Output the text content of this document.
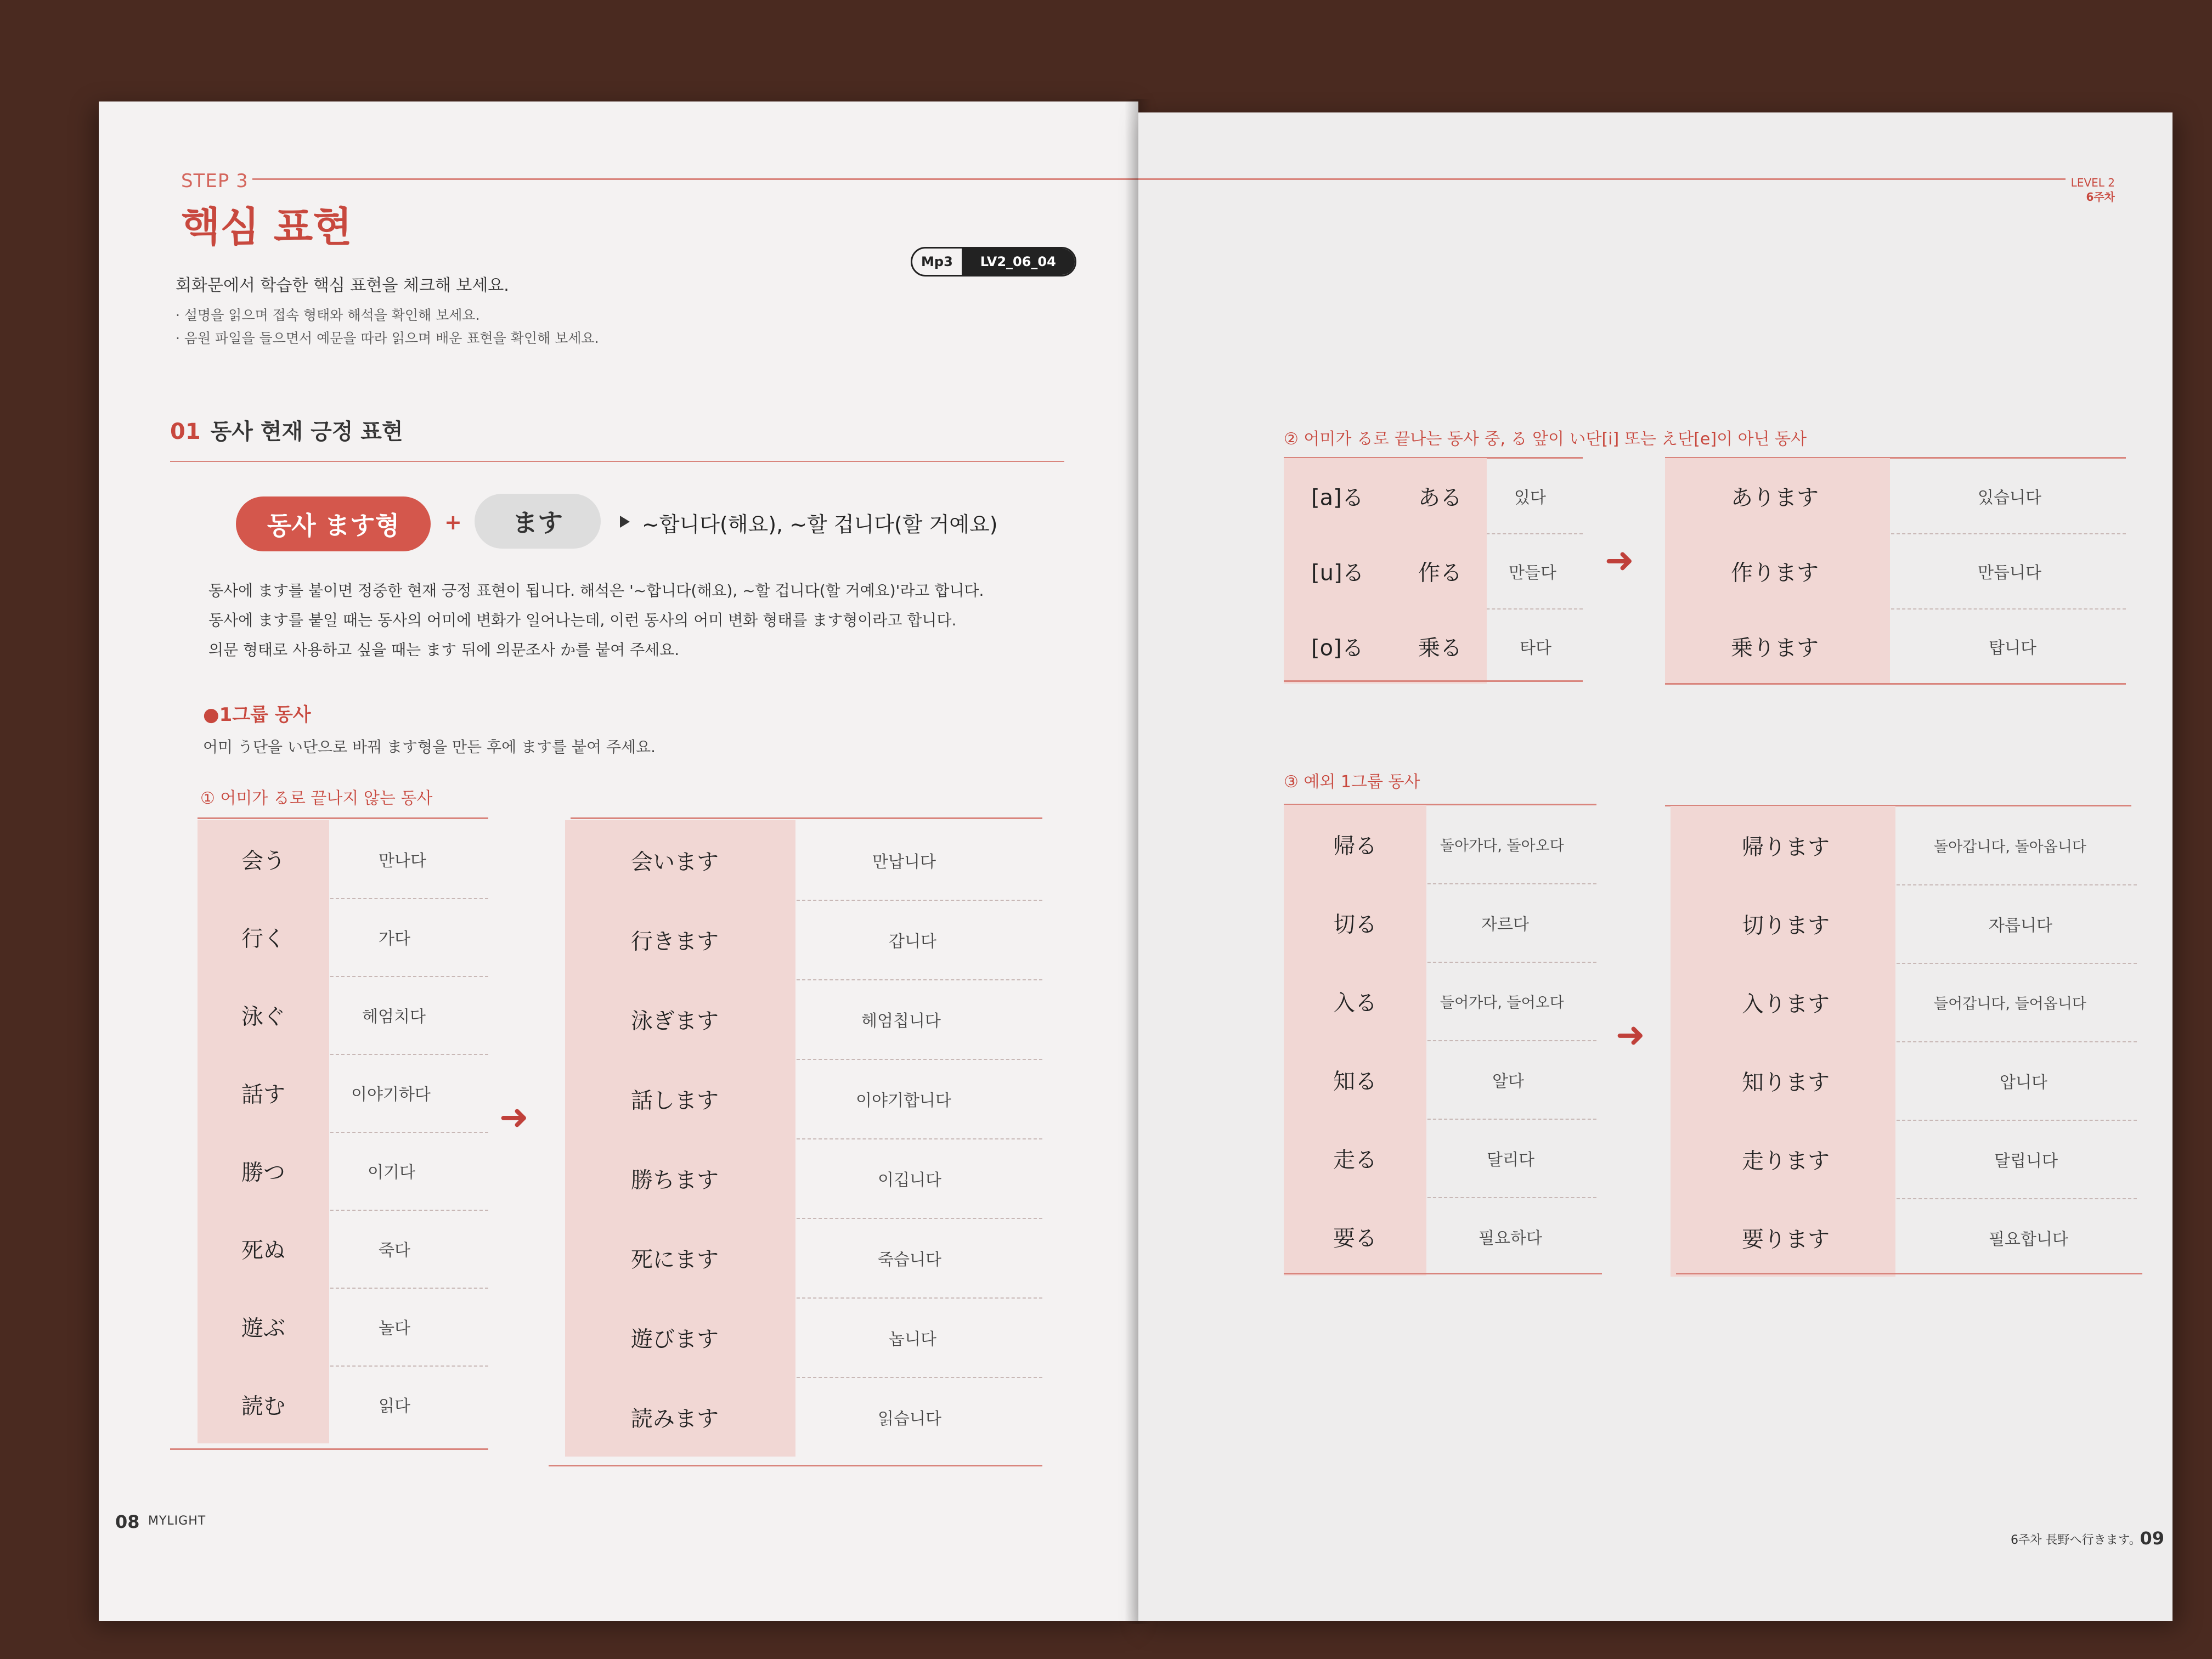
STEP 3
핵심 표현
Mp3	LV2_06_04
회화문에서 학습한 핵심 표현을 체크해 보세요.
· 설명을 읽으며 접속 형태와 해석을 확인해 보세요.
· 음원 파일을 들으면서 예문을 따라 읽으며 배운 표현을 확인해 보세요.
01 동사 현재 긍정 표현
동사 ます형	+	ます	~합니다(해요), ~할 겁니다(할 거예요)
동사에 ます를 붙이면 정중한 현재 긍정 표현이 됩니다. 해석은 '~합니다(해요), ~할 겁니다(할 거예요)'라고 합니다.
동사에 ます를 붙일 때는 동사의 어미에 변화가 일어나는데, 이런 동사의 어미 변화 형태를 ます형이라고 합니다.
의문 형태로 사용하고 싶을 때는 ます 뒤에 의문조사 か를 붙여 주세요.
●1그룹 동사
어미 う단을 い단으로 바꿔 ます형을 만든 후에 ます를 붙여 주세요.
① 어미가 る로 끝나지 않는 동사
会う	만나다
行く	가다
泳ぐ	헤엄치다
話す	이야기하다
勝つ	이기다
死ぬ	죽다
遊ぶ	놀다
読む	읽다
➜
会います	만납니다
行きます	갑니다
泳ぎます	헤엄칩니다
話します	이야기합니다
勝ちます	이깁니다
死にます	죽습니다
遊びます	놉니다
読みます	읽습니다
08 MYLIGHT
LEVEL 2
6주차
② 어미가 る로 끝나는 동사 중, る 앞이 い단[i] 또는 え단[e]이 아닌 동사
[a]る ある	있다
[u]る 作る	만들다
[o]る 乗る	타다
➜
あります	있습니다
作ります	만듭니다
乗ります	탑니다
③ 예외 1그룹 동사
帰る	돌아가다, 돌아오다
切る	자르다
入る	들어가다, 들어오다
知る	알다
走る	달리다
要る	필요하다
➜
帰ります	돌아갑니다, 돌아옵니다
切ります	자릅니다
入ります	들어갑니다, 들어옵니다
知ります	압니다
走ります	달립니다
要ります	필요합니다
6주차 長野へ行きます。
09
